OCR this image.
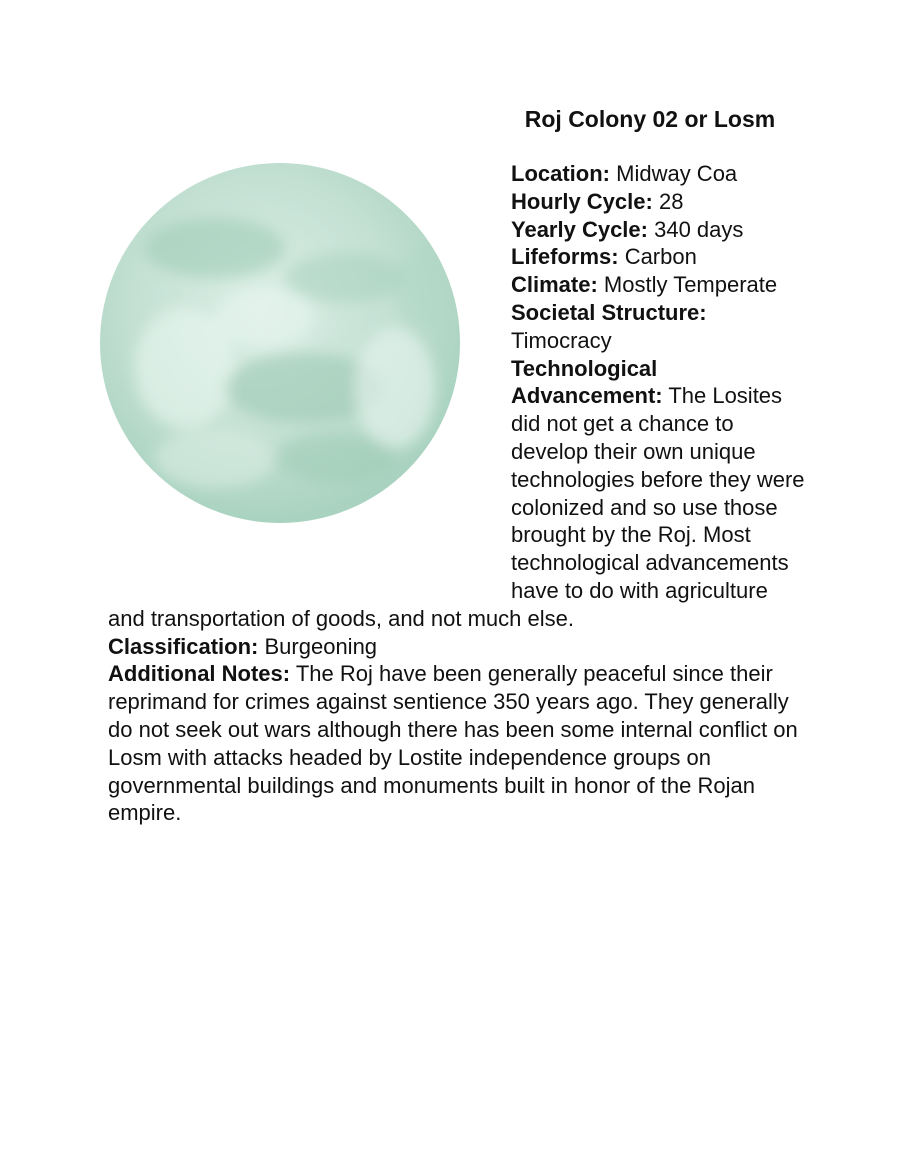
Roj Colony 02 or Losm
Location: Midway Coa
Hourly Cycle: 28
Yearly Cycle: 340 days
Lifeforms: Carbon
Climate: Mostly Temperate
Societal Structure: Timocracy
Technological Advancement: The Losites did not get a chance to develop their own unique technologies before they were colonized and so use those brought by the Roj. Most technological advancements have to do with agriculture and transportation of goods, and not much else.
Classification: Burgeoning
Additional Notes: The Roj have been generally peaceful since their reprimand for crimes against sentience 350 years ago. They generally do not seek out wars although there has been some internal conflict on Losm with attacks headed by Lostite independence groups on governmental buildings and monuments built in honor of the Rojan empire.
